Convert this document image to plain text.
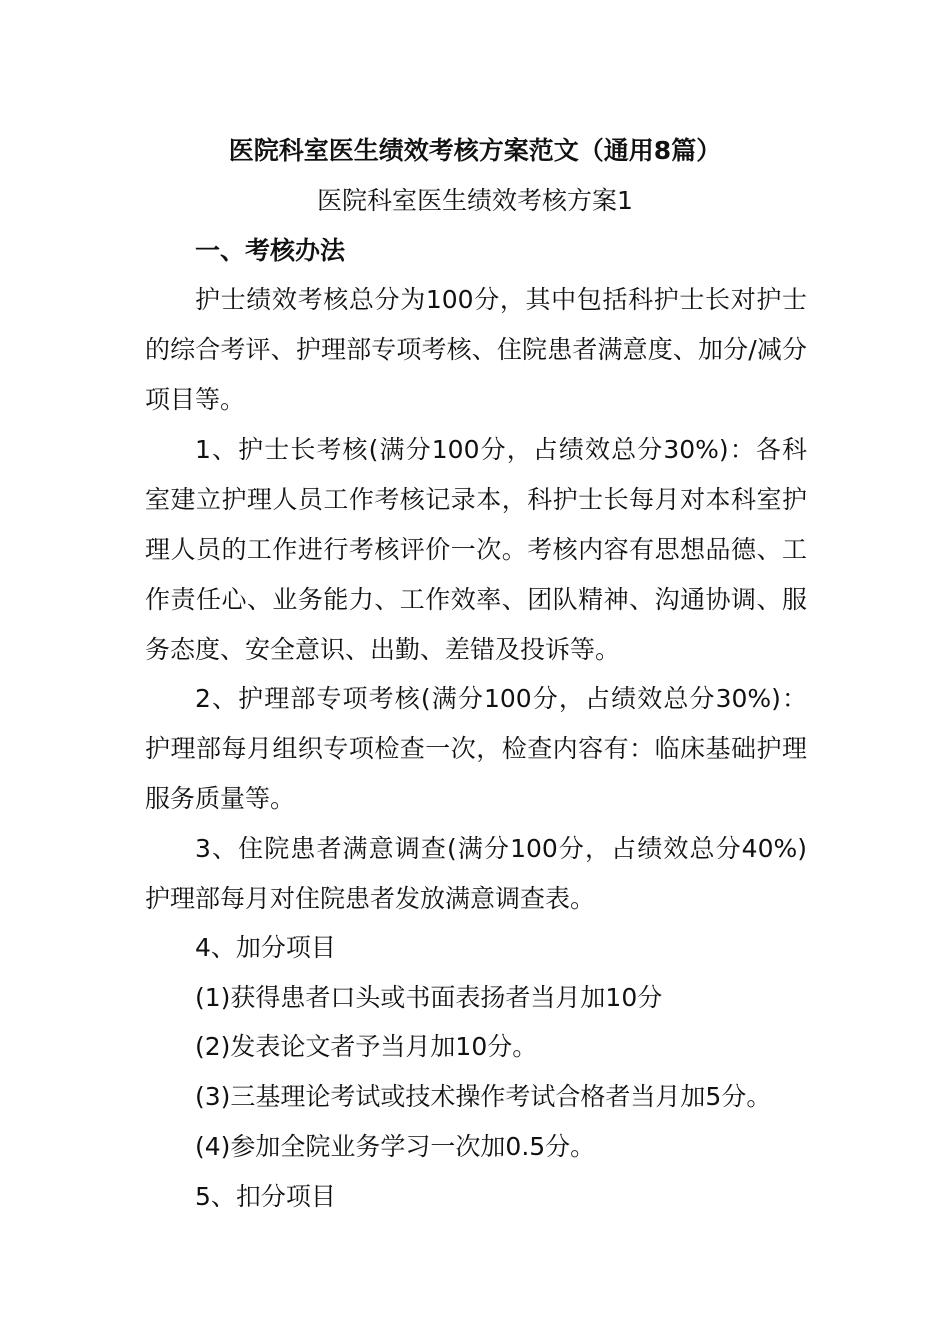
医院科室医生绩效考核方案范文（通用8篇）
医院科室医生绩效考核方案1
一、考核办法

护士绩效考核总分为100分，其中包括科护士长对护士的综合考评、护理部专项考核、住院患者满意度、加分/减分项目等。

1、护士长考核(满分100分，占绩效总分30%)：各科室建立护理人员工作考核记录本，科护士长每月对本科室护理人员的工作进行考核评价一次。考核内容有思想品德、工作责任心、业务能力、工作效率、团队精神、沟通协调、服务态度、安全意识、出勤、差错及投诉等。

2、护理部专项考核(满分100分，占绩效总分30%)：护理部每月组织专项检查一次，检查内容有：临床基础护理服务质量等。

3、住院患者满意调查(满分100分，占绩效总分40%)护理部每月对住院患者发放满意调查表。

4、加分项目
(1)获得患者口头或书面表扬者当月加10分
(2)发表论文者予当月加10分。
(3)三基理论考试或技术操作考试合格者当月加5分。
(4)参加全院业务学习一次加0.5分。
5、扣分项目
